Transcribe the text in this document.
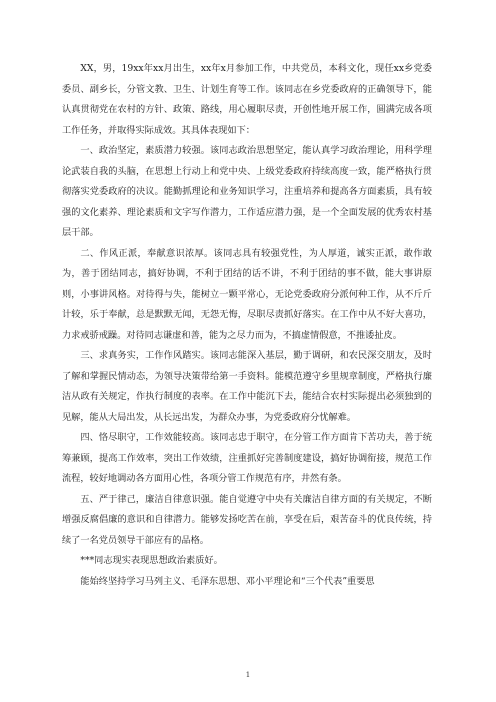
XX，男，19xx年xx月出生，xx年x月参加工作，中共党员，本科文化，现任xx乡党委委员、副乡长，分管文教、卫生、计划生育等工作。该同志在乡党委政府的正确领导下，能认真贯彻党在农村的方针、政策、路线，用心履职尽责，开创性地开展工作，圆满完成各项工作任务，并取得实际成效。其具体表现如下：

一、政治坚定，素质潜力较强。该同志政治思想坚定，能认真学习政治理论，用科学理论武装自我的头脑，在思想上行动上和党中央、上级党委政府持续高度一致，能严格执行贯彻落实党委政府的决议。能勤抓理论和业务知识学习，注重培养和提高各方面素质，具有较强的文化素养、理论素质和文字写作潜力，工作适应潜力强，是一个全面发展的优秀农村基层干部。

二、作风正派，奉献意识浓厚。该同志具有较强党性，为人厚道，诚实正派，敢作敢为，善于团结同志，搞好协调，不利于团结的话不讲，不利于团结的事不做，能大事讲原则，小事讲风格。对待得与失，能树立一颗平常心，无论党委政府分派何种工作，从不斤斤计较，乐于奉献，总是默默无闻，无怨无悔，尽职尽责抓好落实。在工作中从不好大喜功，力求戒骄戒躁。对待同志谦虚和善，能为之尽力而为，不搞虚情假意，不推诿扯皮。

三、求真务实，工作作风踏实。该同志能深入基层，勤于调研，和农民深交朋友，及时了解和掌握民情动态，为领导决策带给第一手资料。能模范遵守乡里规章制度，严格执行廉洁从政有关规定，作执行制度的表率。在工作中能沉下去，能结合农村实际提出必须独到的见解，能从大局出发，从长远出发，为群众办事，为党委政府分忧解难。

四、恪尽职守，工作效能较高。该同志忠于职守，在分管工作方面肯下苦功夫，善于统筹兼顾，提高工作效率，突出工作效绩，注重抓好完善制度建设，搞好协调衔接，规范工作流程，较好地调动各方面用心性，各项分管工作规范有序，井然有条。

五、严于律己，廉洁自律意识强。能自觉遵守中央有关廉洁自律方面的有关规定，不断增强反腐倡廉的意识和自律潜力。能够发扬吃苦在前，享受在后，艰苦奋斗的优良传统，持续了一名党员领导干部应有的品格。

***同志现实表现思想政治素质好。

能始终坚持学习马列主义、毛泽东思想、邓小平理论和“三个代表”重要思

1
